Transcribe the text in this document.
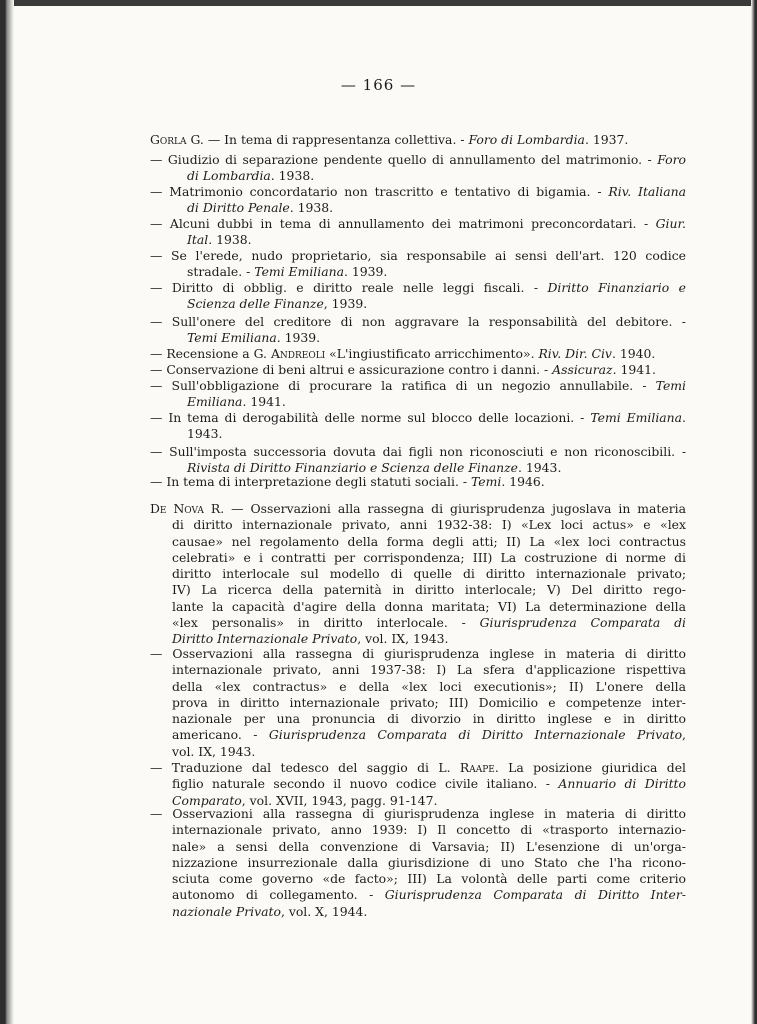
— 166 —
Gorla G. — In tema di rappresentanza collettiva. - Foro di Lombardia. 1937.
— Giudizio di separazione pendente quello di annullamento del matrimonio. - Foro
di Lombardia. 1938.
— Matrimonio concordatario non trascritto e tentativo di bigamia. - Riv. Italiana
di Diritto Penale. 1938.
— Alcuni dubbi in tema di annullamento dei matrimoni preconcordatari. - Giur.
Ital. 1938.
— Se l'erede, nudo proprietario, sia responsabile ai sensi dell'art. 120 codice
stradale. - Temi Emiliana. 1939.
— Diritto di obblig. e diritto reale nelle leggi fiscali. - Diritto Finanziario e
Scienza delle Finanze, 1939.
— Sull'onere del creditore di non aggravare la responsabilità del debitore. -
Temi Emiliana. 1939.
— Recensione a G. Andreoli «L'ingiustificato arricchimento». Riv. Dir. Civ. 1940.
— Conservazione di beni altrui e assicurazione contro i danni. - Assicuraz. 1941.
— Sull'obbligazione di procurare la ratifica di un negozio annullabile. - Temi
Emiliana. 1941.
— In tema di derogabilità delle norme sul blocco delle locazioni. - Temi Emiliana.
1943.
— Sull'imposta successoria dovuta dai figli non riconosciuti e non riconoscibili. -
Rivista di Diritto Finanziario e Scienza delle Finanze. 1943.
— In tema di interpretazione degli statuti sociali. - Temi. 1946.
De Nova R. — Osservazioni alla rassegna di giurisprudenza jugoslava in materia
di diritto internazionale privato, anni 1932-38: I) «Lex loci actus» e «lex
causae» nel regolamento della forma degli atti; II) La «lex loci contractus
celebrati» e i contratti per corrispondenza; III) La costruzione di norme di
diritto interlocale sul modello di quelle di diritto internazionale privato;
IV) La ricerca della paternità in diritto interlocale; V) Del diritto rego-
lante la capacità d'agire della donna maritata; VI) La determinazione della
«lex personalis» in diritto interlocale. - Giurisprudenza Comparata di
Diritto Internazionale Privato, vol. IX, 1943.
— Osservazioni alla rassegna di giurisprudenza inglese in materia di diritto
internazionale privato, anni 1937-38: I) La sfera d'applicazione rispettiva
della «lex contractus» e della «lex loci executionis»; II) L'onere della
prova in diritto internazionale privato; III) Domicilio e competenze inter-
nazionale per una pronuncia di divorzio in diritto inglese e in diritto
americano. - Giurisprudenza Comparata di Diritto Internazionale Privato,
vol. IX, 1943.
— Traduzione dal tedesco del saggio di L. Raape. La posizione giuridica del
figlio naturale secondo il nuovo codice civile italiano. - Annuario di Diritto
Comparato, vol. XVII, 1943, pagg. 91-147.
— Osservazioni alla rassegna di giurisprudenza inglese in materia di diritto
internazionale privato, anno 1939: I) Il concetto di «trasporto internazio-
nale» a sensi della convenzione di Varsavia; II) L'esenzione di un'orga-
nizzazione insurrezionale dalla giurisdizione di uno Stato che l'ha ricono-
sciuta come governo «de facto»; III) La volontà delle parti come criterio
autonomo di collegamento. - Giurisprudenza Comparata di Diritto Inter-
nazionale Privato, vol. X, 1944.
